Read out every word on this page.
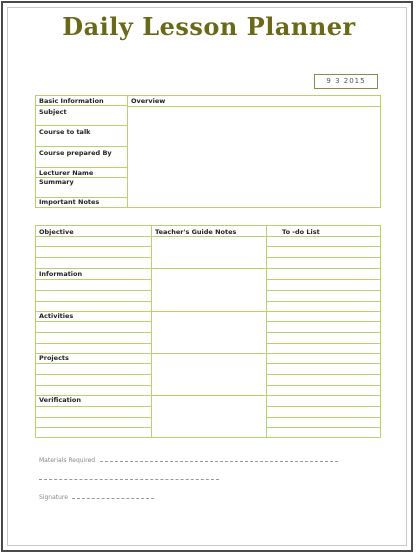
Daily Lesson Planner
9 3 2015
Basic Information
Subject
Course to talk
Course prepared By
Lecturer Name
Summary
Important Notes
Overview
Objective	Teacher's Guide Notes	To -do List
Information
Activities
Projects
Verification
Materials Required
Signature
